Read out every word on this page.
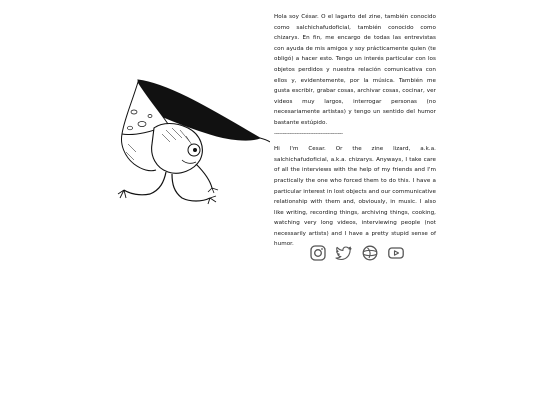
Hola soy César. O el lagarto del zine, también conocido como salchichafudoficial, también conocido como chizarys. En fin, me encargo de todas las entrevistas con ayuda de mis amigos y soy prácticamente quien (te obligó) a hacer esto. Tengo un interés particular con los objetos perdidos y nuestra relación comunicativa con ellos y, evidentemente, por la música. También me gusta escribir, grabar cosas, archivar cosas, cocinar, ver videos muy largos, interrogar personas (no necesariamente artistas) y tengo un sentido del humor bastante estúpido.

----------------------------------------

Hi I'm Cesar. Or the zine lizard, a.k.a. salchichafudoficial, a.k.a. chizarys. Anyways, I take care of all the interviews with the help of my friends and I'm practically the one who forced them to do this. I have a particular interest in lost objects and our communicative relationship with them and, obviously, in music. I also like writing, recording things, archiving things, cooking, watching very long videos, interviewing people (not necessarily artists) and I have a pretty stupid sense of humor.
